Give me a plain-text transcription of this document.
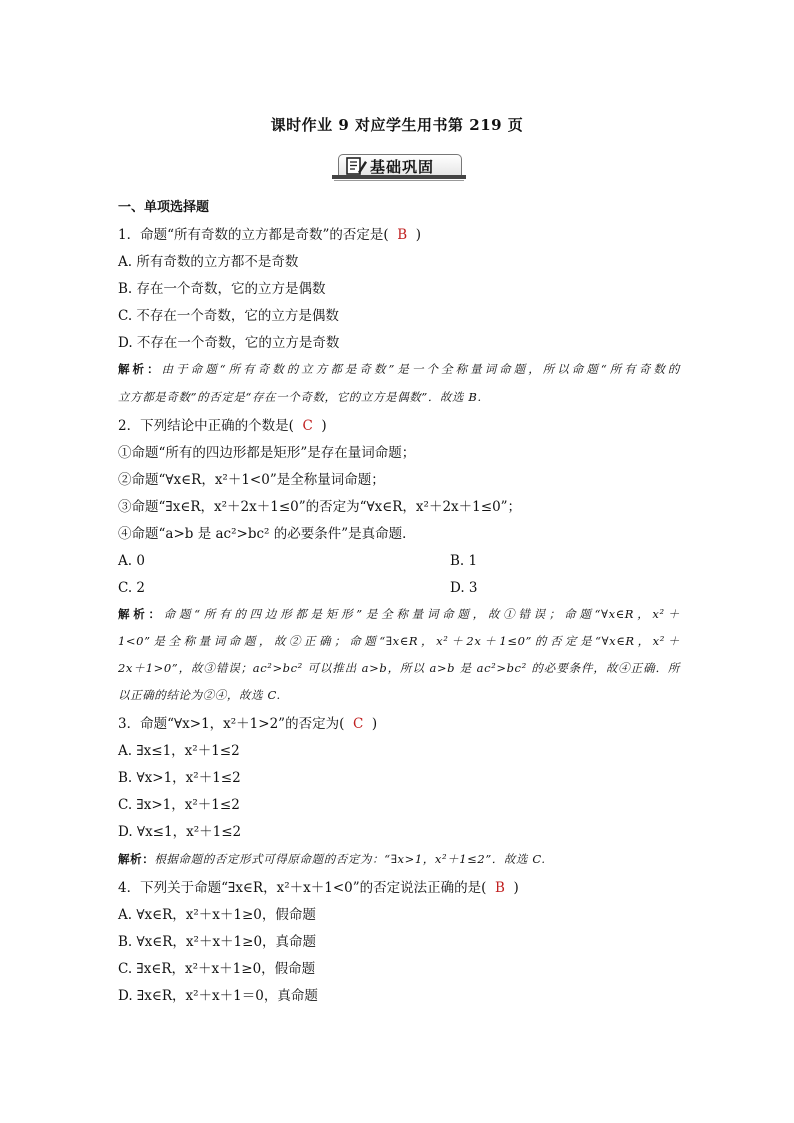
课时作业 9 对应学生用书第 219 页
基础巩固
一、单项选择题
1．命题“所有奇数的立方都是奇数”的否定是( B )
A. 所有奇数的立方都不是奇数
B. 存在一个奇数，它的立方是偶数
C. 不存在一个奇数，它的立方是偶数
D. 不存在一个奇数，它的立方是奇数
解析：由于命题“所有奇数的立方都是奇数”是一个全称量词命题，所以命题“所有奇数的
立方都是奇数”的否定是“存在一个奇数，它的立方是偶数”．故选 B.
2．下列结论中正确的个数是( C )
①命题“所有的四边形都是矩形”是存在量词命题；
②命题“∀x∈R，x²＋1<0”是全称量词命题；
③命题“∃x∈R，x²＋2x＋1≤0”的否定为“∀x∈R，x²＋2x＋1≤0”；
④命题“a>b 是 ac²>bc² 的必要条件”是真命题．
A. 0	B. 1
C. 2	D. 3
解析：命题“所有的四边形都是矩形”是全称量词命题，故①错误；命题“∀x∈R，x²＋
1<0”是全称量词命题，故②正确；命题“∃x∈R，x²＋2x＋1≤0”的否定是“∀x∈R，x²＋
2x＋1>0”，故③错误；ac²>bc² 可以推出 a>b，所以 a>b 是 ac²>bc² 的必要条件，故④正确．所
以正确的结论为②④，故选 C.
3．命题“∀x>1，x²＋1>2”的否定为( C )
A. ∃x≤1，x²＋1≤2
B. ∀x>1，x²＋1≤2
C. ∃x>1，x²＋1≤2
D. ∀x≤1，x²＋1≤2
解析：根据命题的否定形式可得原命题的否定为：“∃x>1，x²＋1≤2”．故选 C.
4．下列关于命题“∃x∈R，x²＋x＋1<0”的否定说法正确的是( B )
A. ∀x∈R，x²＋x＋1≥0，假命题
B. ∀x∈R，x²＋x＋1≥0，真命题
C. ∃x∈R，x²＋x＋1≥0，假命题
D. ∃x∈R，x²＋x＋1＝0，真命题
